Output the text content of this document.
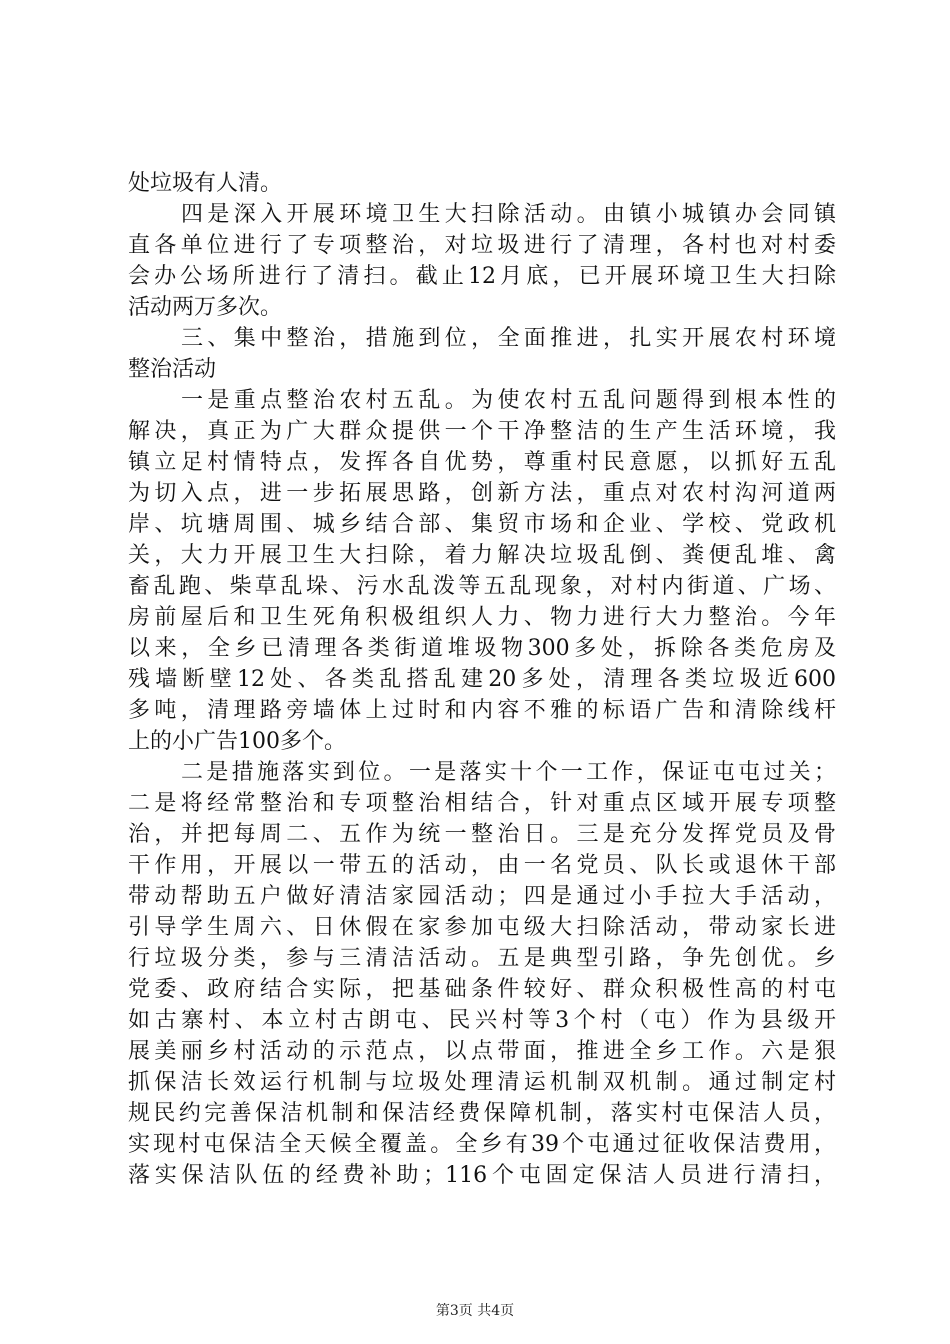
处垃圾有人清。
四是深入开展环境卫生大扫除活动。由镇小城镇办会同镇
直各单位进行了专项整治，对垃圾进行了清理，各村也对村委
会办公场所进行了清扫。截止12月底，已开展环境卫生大扫除
活动两万多次。
三、集中整治，措施到位，全面推进，扎实开展农村环境
整治活动
一是重点整治农村五乱。为使农村五乱问题得到根本性的
解决，真正为广大群众提供一个干净整洁的生产生活环境，我
镇立足村情特点，发挥各自优势，尊重村民意愿，以抓好五乱
为切入点，进一步拓展思路，创新方法，重点对农村沟河道两
岸、坑塘周围、城乡结合部、集贸市场和企业、学校、党政机
关，大力开展卫生大扫除，着力解决垃圾乱倒、粪便乱堆、禽
畜乱跑、柴草乱垛、污水乱泼等五乱现象，对村内街道、广场、
房前屋后和卫生死角积极组织人力、物力进行大力整治。今年
以来，全乡已清理各类街道堆圾物300多处，拆除各类危房及
残墙断壁12处、各类乱搭乱建20多处，清理各类垃圾近600
多吨，清理路旁墙体上过时和内容不雅的标语广告和清除线杆
上的小广告100多个。
二是措施落实到位。一是落实十个一工作，保证屯屯过关；
二是将经常整治和专项整治相结合，针对重点区域开展专项整
治，并把每周二、五作为统一整治日。三是充分发挥党员及骨
干作用，开展以一带五的活动，由一名党员、队长或退休干部
带动帮助五户做好清洁家园活动；四是通过小手拉大手活动，
引导学生周六、日休假在家参加屯级大扫除活动，带动家长进
行垃圾分类，参与三清洁活动。五是典型引路，争先创优。乡
党委、政府结合实际，把基础条件较好、群众积极性高的村屯
如古寨村、本立村古朗屯、民兴村等3个村（屯）作为县级开
展美丽乡村活动的示范点，以点带面，推进全乡工作。六是狠
抓保洁长效运行机制与垃圾处理清运机制双机制。通过制定村
规民约完善保洁机制和保洁经费保障机制，落实村屯保洁人员，
实现村屯保洁全天候全覆盖。全乡有39个屯通过征收保洁费用，
落实保洁队伍的经费补助；116个屯固定保洁人员进行清扫，
第3页 共4页
